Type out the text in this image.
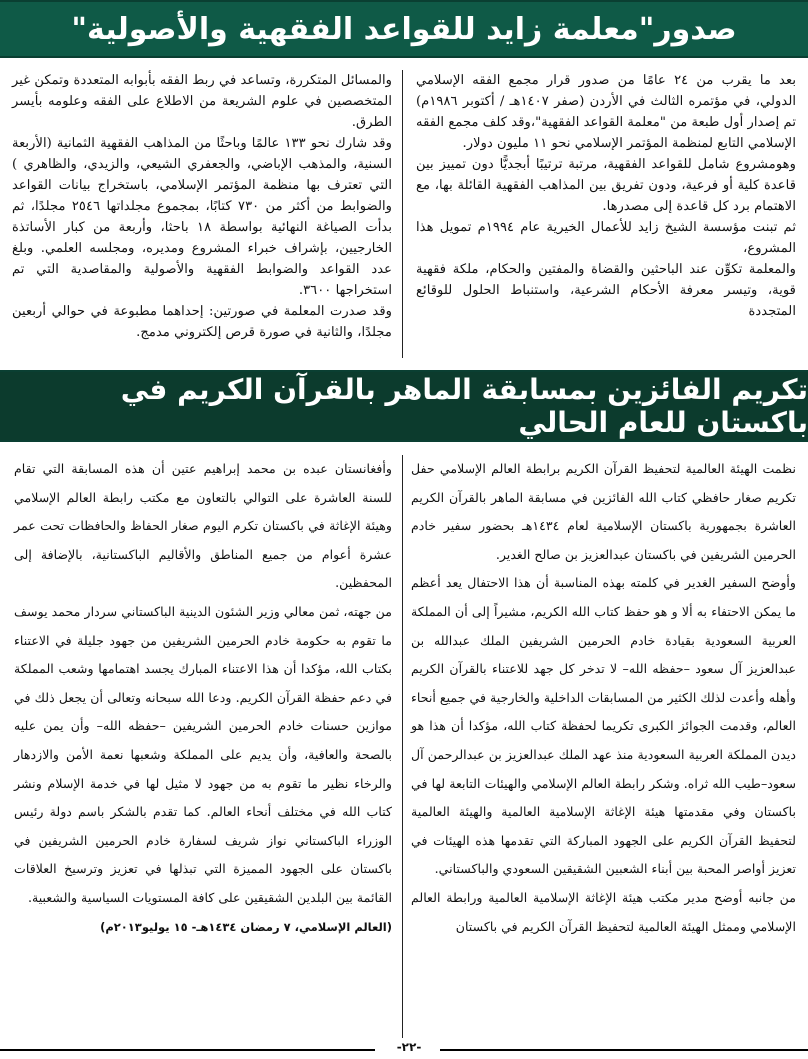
صدور"معلمة زايد للقواعد الفقهية والأصولية"

بعد ما يقرب من ٢٤ عامًا من صدور قرار مجمع الفقه الإسلامي الدولي، في مؤتمره الثالث في الأردن (صفر ١٤٠٧هـ / أكتوبر ١٩٨٦م) تم إصدار أول طبعة من "معلمة القواعد الفقهية"،وقد كلف مجمع الفقه الإسلامي التابع لمنظمة المؤتمر الإسلامي نحو ١١ مليون دولار.

وهومشروع شامل للقواعد الفقهية، مرتبة ترتيبًا أبجديًّا دون تمييز بين قاعدة كلية أو فرعية، ودون تفريق بين المذاهب الفقهية القائلة بها، مع الاهتمام برد كل قاعدة إلى مصدرها.

ثم تبنت مؤسسة الشيخ زايد للأعمال الخيرية عام ١٩٩٤م تمويل هذا المشروع،

والمعلمة تكوِّن عند الباحثين والقضاة والمفتين والحكام، ملكة فقهية قوية، وتيسر معرفة الأحكام الشرعية، واستنباط الحلول للوقائع المتجددة

والمسائل المتكررة، وتساعد في ربط الفقه بأبوابه المتعددة وتمكن غير المتخصصين في علوم الشريعة من الاطلاع على الفقه وعلومه بأيسر الطرق.

وقد شارك نحو ١٣٣ عالمًا وباحثًا من المذاهب الفقهية الثمانية (الأربعة السنية، والمذهب الإباضي، والجعفري الشيعي، والزيدي، والظاهري ) التي تعترف بها منظمة المؤتمر الإسلامي، باستخراج بيانات القواعد والضوابط من أكثر من ٧٣٠ كتابًا، بمجموع مجلداتها ٢٥٤٦ مجلدًا، ثم بدأت الصياغة النهائية بواسطة ١٨ باحثا، وأربعة من كبار الأساتذة الخارجيين، بإشراف خبراء المشروع ومديره، ومجلسه العلمي. وبلغ عدد القواعد والضوابط الفقهية والأصولية والمقاصدية التي تم استخراجها ٣٦٠٠.

وقد صدرت المعلمة في صورتين: إحداهما مطبوعة في حوالي أربعين مجلدًا، والثانية في صورة قرص إلكتروني مدمج.

تكريم الفائزين بمسابقة الماهر بالقرآن الكريم في باكستان للعام الحالي

نظمت الهيئة العالمية لتحفيظ القرآن الكريم برابطة العالم الإسلامي حفل تكريم صغار حافظي كتاب الله الفائزين في مسابقة الماهر بالقرآن الكريم العاشرة بجمهورية باكستان الإسلامية لعام ١٤٣٤هـ بحضور سفير خادم الحرمين الشريفين في باكستان عبدالعزيز بن صالح الغدير.

وأوضح السفير الغدير في كلمته بهذه المناسبة أن هذا الاحتفال يعد أعظم ما يمكن الاحتفاء به ألا و هو حفظ كتاب الله الكريم، مشيراً إلى أن المملكة العربية السعودية بقيادة خادم الحرمين الشريفين الملك عبدالله بن عبدالعزيز آل سعود –حفظه الله– لا تدخر كل جهد للاعتناء بالقرآن الكريم وأهله وأعدت لذلك الكثير من المسابقات الداخلية والخارجية في جميع أنحاء العالم، وقدمت الجوائز الكبرى تكريما لحفظة كتاب الله، مؤكدا أن هذا هو ديدن المملكة العربية السعودية منذ عهد الملك عبدالعزيز بن عبدالرحمن آل سعود–طيب الله ثراه. وشكر رابطة العالم الإسلامي والهيئات التابعة لها في باكستان وفي مقدمتها هيئة الإغاثة الإسلامية العالمية والهيئة العالمية لتحفيظ القرآن الكريم على الجهود المباركة التي تقدمها هذه الهيئات في تعزيز أواصر المحبة بين أبناء الشعبين الشقيقين السعودي والباكستاني.

من جانبه أوضح مدير مكتب هيئة الإغاثة الإسلامية العالمية ورابطة العالم الإسلامي وممثل الهيئة العالمية لتحفيظ القرآن الكريم في باكستان

وأفغانستان عبده بن محمد إبراهيم عتين أن هذه المسابقة التي تقام للسنة العاشرة على التوالي بالتعاون مع مكتب رابطة العالم الإسلامي وهيئة الإغاثة في باكستان تكرم اليوم صغار الحفاظ والحافظات تحت عمر عشرة أعوام من جميع المناطق والأقاليم الباكستانية، بالإضافة إلى المحفظين.

من جهته، ثمن معالي وزير الشئون الدينية الباكستاني سردار محمد يوسف ما تقوم به حكومة خادم الحرمين الشريفين من جهود جليلة في الاعتناء بكتاب الله، مؤكدا أن هذا الاعتناء المبارك يجسد اهتمامها وشعب المملكة في دعم حفظة القرآن الكريم. ودعا الله سبحانه وتعالى أن يجعل ذلك في موازين حسنات خادم الحرمين الشريفين –حفظه الله– وأن يمن عليه بالصحة والعافية، وأن يديم على المملكة وشعبها نعمة الأمن والازدهار والرخاء نظير ما تقوم به من جهود لا مثيل لها في خدمة الإسلام ونشر كتاب الله في مختلف أنحاء العالم. كما تقدم بالشكر باسم دولة رئيس الوزراء الباكستاني نواز شريف لسفارة خادم الحرمين الشريفين في باكستان على الجهود المميزة التي تبذلها في تعزيز وترسيخ العلاقات القائمة بين البلدين الشقيقين على كافة المستويات السياسية والشعبية.

(العالم الإسلامي، ٧ رمضان ١٤٣٤هـ- ١٥ يوليو٢٠١٣م)

-٢٢-
